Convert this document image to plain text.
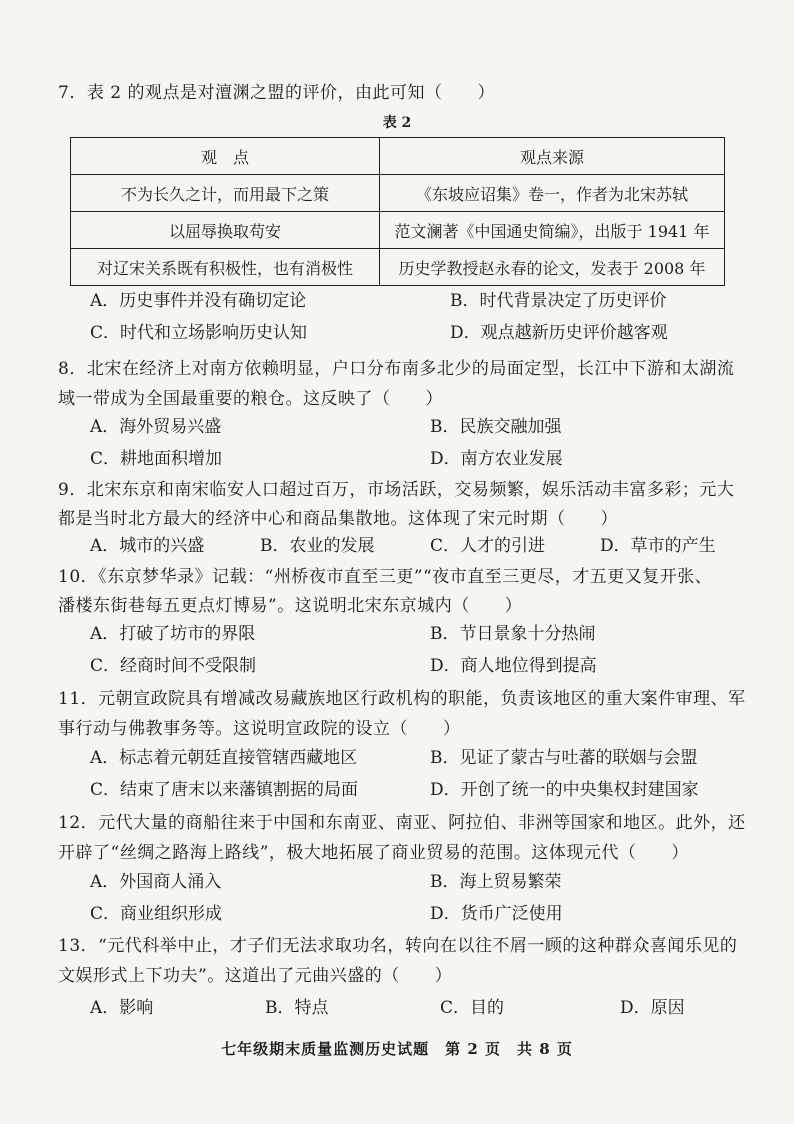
7．表 2 的观点是对澶渊之盟的评价，由此可知（　　）
表 2
观　点	观点来源
不为长久之计，而用最下之策	《东坡应诏集》卷一，作者为北宋苏轼
以屈辱换取苟安	范文澜著《中国通史简编》，出版于 1941 年
对辽宋关系既有积极性，也有消极性	历史学教授赵永春的论文，发表于 2008 年
A．历史事件并没有确切定论	B．时代背景决定了历史评价
C．时代和立场影响历史认知	D．观点越新历史评价越客观
8．北宋在经济上对南方依赖明显，户口分布南多北少的局面定型，长江中下游和太湖流
域一带成为全国最重要的粮仓。这反映了（　　）
A．海外贸易兴盛	B．民族交融加强
C．耕地面积增加	D．南方农业发展
9．北宋东京和南宋临安人口超过百万，市场活跃，交易频繁，娱乐活动丰富多彩；元大
都是当时北方最大的经济中心和商品集散地。这体现了宋元时期（　　）
A．城市的兴盛	B．农业的发展	C．人才的引进	D．草市的产生
10．《东京梦华录》记载：“州桥夜市直至三更”“夜市直至三更尽，才五更又复开张、
潘楼东街巷每五更点灯博易”。这说明北宋东京城内（　　）
A．打破了坊市的界限	B．节日景象十分热闹
C．经商时间不受限制	D．商人地位得到提高
11．元朝宣政院具有增减改易藏族地区行政机构的职能，负责该地区的重大案件审理、军
事行动与佛教事务等。这说明宣政院的设立（　　）
A．标志着元朝廷直接管辖西藏地区	B．见证了蒙古与吐蕃的联姻与会盟
C．结束了唐末以来藩镇割据的局面	D．开创了统一的中央集权封建国家
12．元代大量的商船往来于中国和东南亚、南亚、阿拉伯、非洲等国家和地区。此外，还
开辟了“丝绸之路海上路线”，极大地拓展了商业贸易的范围。这体现元代（　　）
A．外国商人涌入	B．海上贸易繁荣
C．商业组织形成	D．货币广泛使用
13．“元代科举中止，才子们无法求取功名，转向在以往不屑一顾的这种群众喜闻乐见的
文娱形式上下功夫”。这道出了元曲兴盛的（　　）
A．影响	B．特点	C．目的	D．原因
七年级期末质量监测历史试题　第 2 页　共 8 页
